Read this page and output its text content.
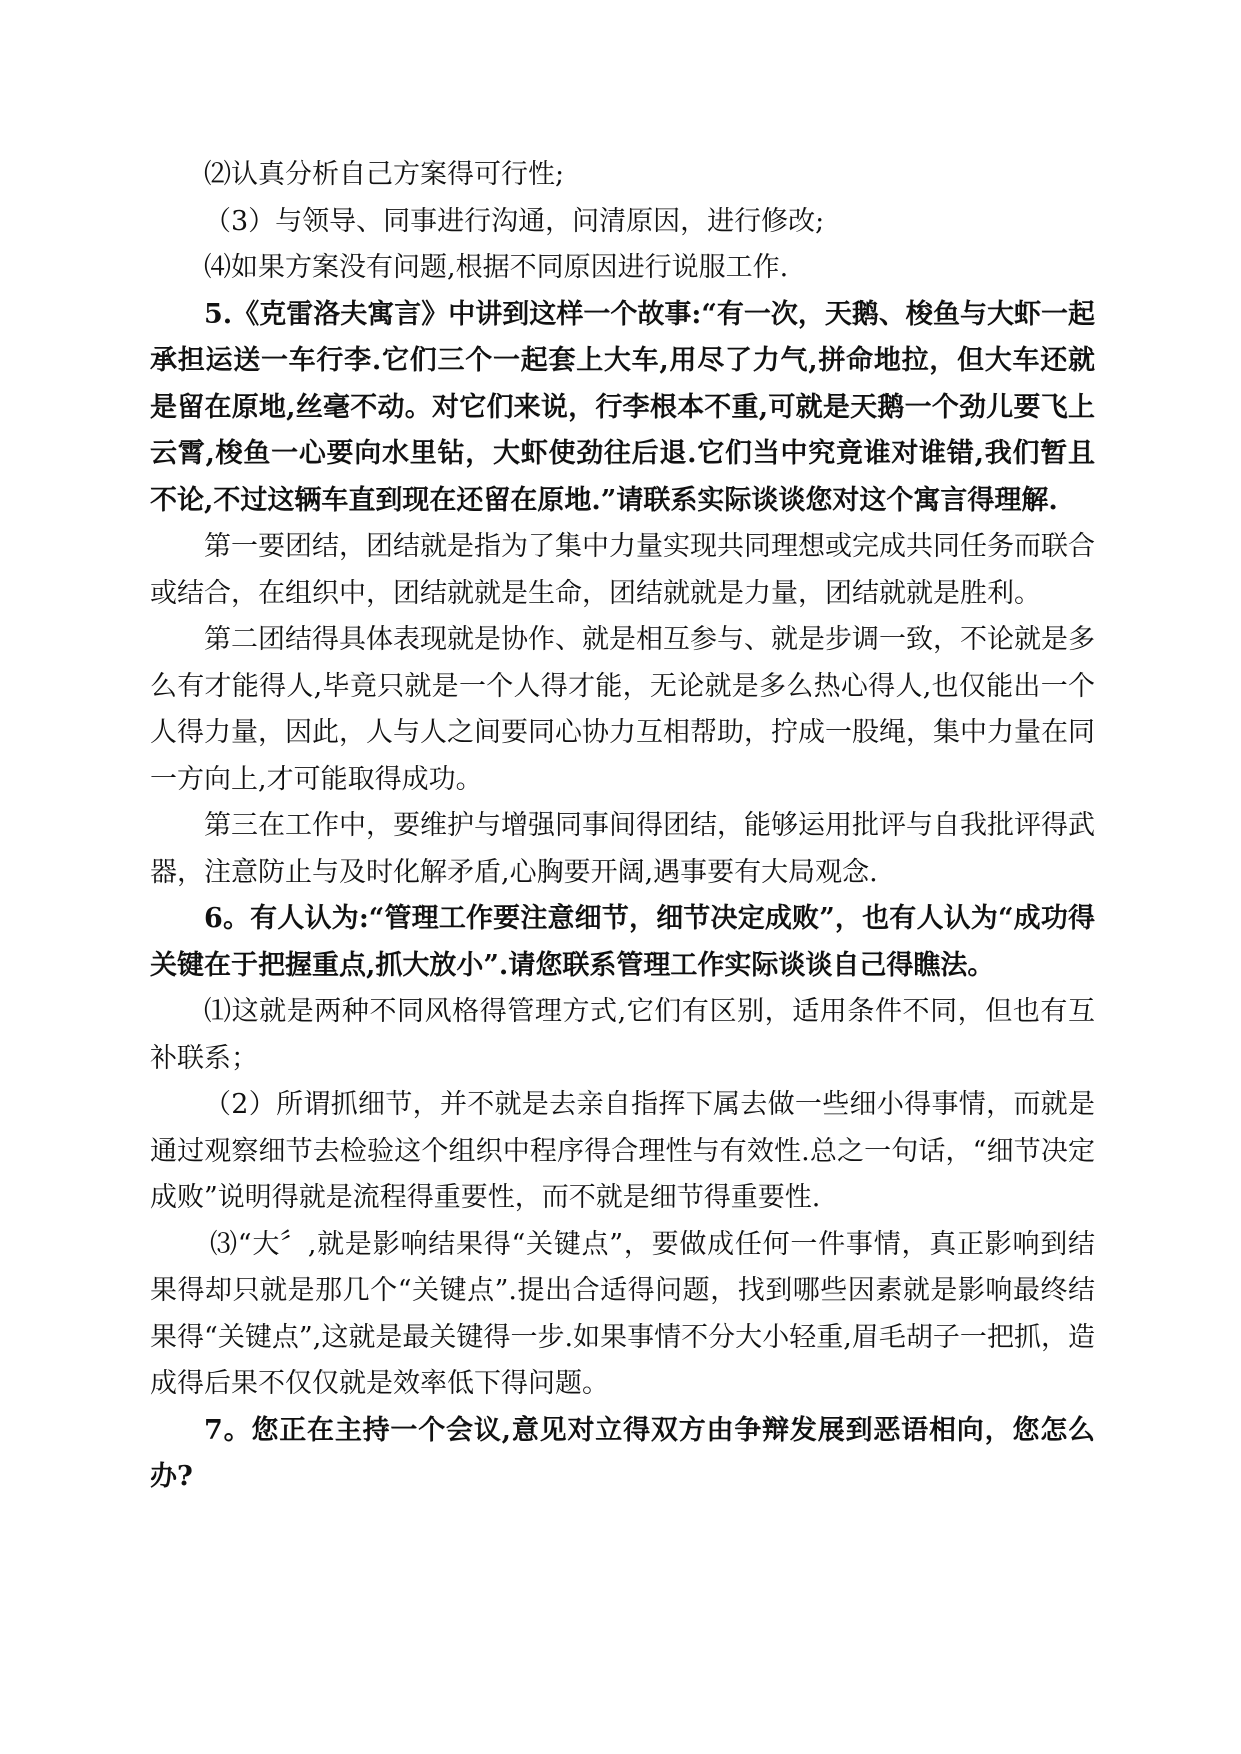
⑵认真分析自己方案得可行性;

（3）与领导、同事进行沟通，问清原因，进行修改;

⑷如果方案没有问题,根据不同原因进行说服工作.

5.《克雷洛夫寓言》中讲到这样一个故事:“有一次，天鹅、梭鱼与大虾一起承担运送一车行李.它们三个一起套上大车,用尽了力气,拼命地拉，但大车还就是留在原地,丝毫不动。对它们来说，行李根本不重,可就是天鹅一个劲儿要飞上云霄,梭鱼一心要向水里钻，大虾使劲往后退.它们当中究竟谁对谁错,我们暂且不论,不过这辆车直到现在还留在原地.”请联系实际谈谈您对这个寓言得理解.

第一要团结，团结就是指为了集中力量实现共同理想或完成共同任务而联合或结合，在组织中，团结就就是生命，团结就就是力量，团结就就是胜利。

第二团结得具体表现就是协作、就是相互参与、就是步调一致，不论就是多么有才能得人,毕竟只就是一个人得才能，无论就是多么热心得人,也仅能出一个人得力量，因此，人与人之间要同心协力互相帮助，拧成一股绳，集中力量在同一方向上,才可能取得成功。

第三在工作中，要维护与增强同事间得团结，能够运用批评与自我批评得武器，注意防止与及时化解矛盾,心胸要开阔,遇事要有大局观念.

6。有人认为:“管理工作要注意细节，细节决定成败”，也有人认为“成功得关键在于把握重点,抓大放小”.请您联系管理工作实际谈谈自己得瞧法。

⑴这就是两种不同风格得管理方式,它们有区别，适用条件不同，但也有互补联系；

（2）所谓抓细节，并不就是去亲自指挥下属去做一些细小得事情，而就是通过观察细节去检验这个组织中程序得合理性与有效性.总之一句话，“细节决定成败”说明得就是流程得重要性，而不就是细节得重要性.

⑶“大〞,就是影响结果得“关键点”，要做成任何一件事情，真正影响到结果得却只就是那几个“关键点”.提出合适得问题，找到哪些因素就是影响最终结果得“关键点”,这就是最关键得一步.如果事情不分大小轻重,眉毛胡子一把抓，造成得后果不仅仅就是效率低下得问题。

7。您正在主持一个会议,意见对立得双方由争辩发展到恶语相向，您怎么办?
